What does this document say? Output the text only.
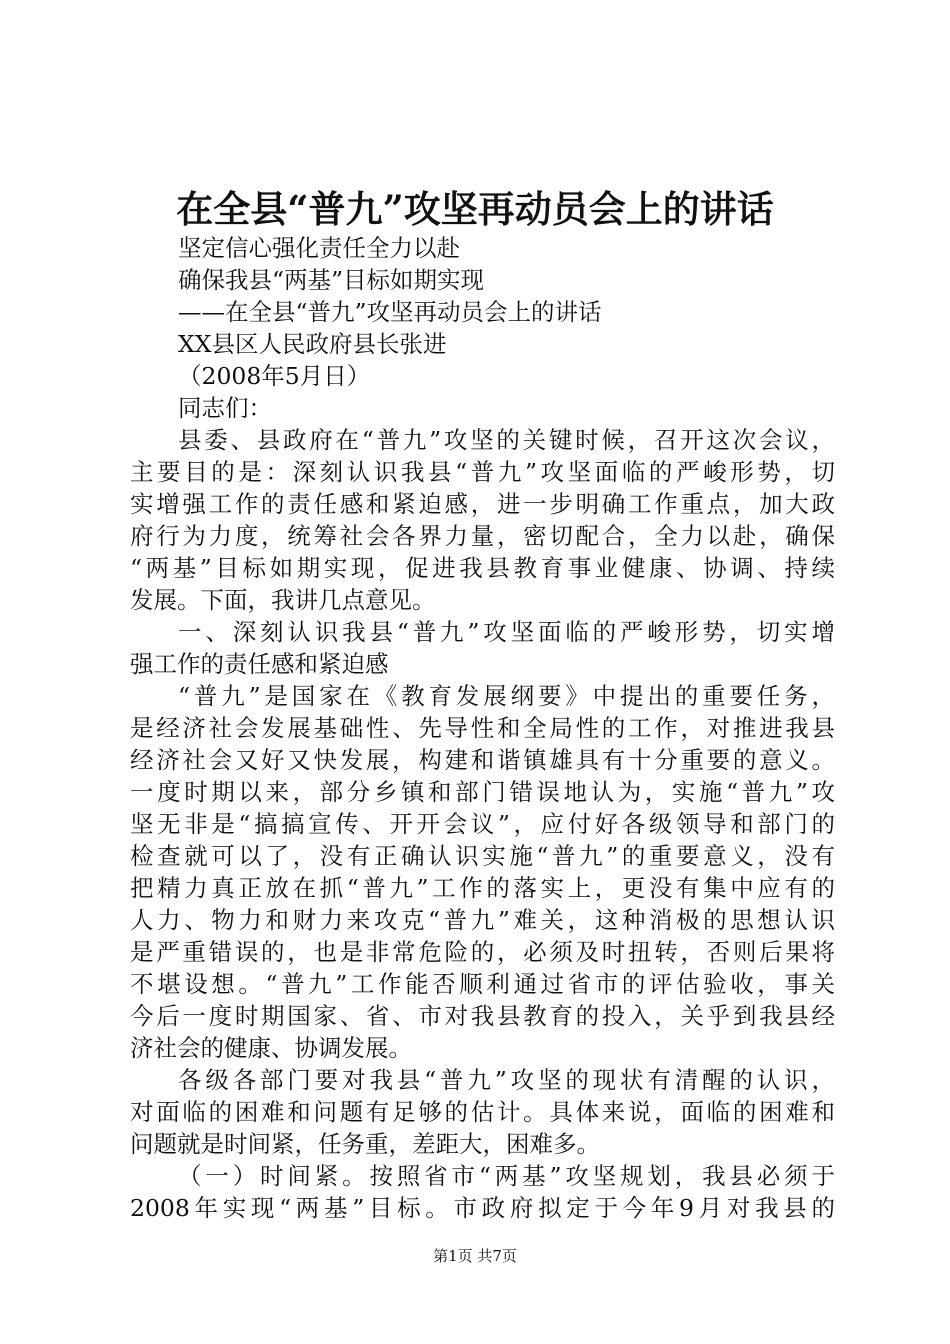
在全县“普九”攻坚再动员会上的讲话
坚定信心强化责任全力以赴
确保我县“两基”目标如期实现
——在全县“普九”攻坚再动员会上的讲话
XX县区人民政府县长张进
（2008年5月日）
同志们：
县委、县政府在“普九”攻坚的关键时候，召开这次会议，
主要目的是：深刻认识我县“普九”攻坚面临的严峻形势，切
实增强工作的责任感和紧迫感，进一步明确工作重点，加大政
府行为力度，统筹社会各界力量，密切配合，全力以赴，确保
“两基”目标如期实现，促进我县教育事业健康、协调、持续
发展。下面，我讲几点意见。
一、深刻认识我县“普九”攻坚面临的严峻形势，切实增
强工作的责任感和紧迫感
“普九”是国家在《教育发展纲要》中提出的重要任务，
是经济社会发展基础性、先导性和全局性的工作，对推进我县
经济社会又好又快发展，构建和谐镇雄具有十分重要的意义。
一度时期以来，部分乡镇和部门错误地认为，实施“普九”攻
坚无非是“搞搞宣传、开开会议”，应付好各级领导和部门的
检查就可以了，没有正确认识实施“普九”的重要意义，没有
把精力真正放在抓“普九”工作的落实上，更没有集中应有的
人力、物力和财力来攻克“普九”难关，这种消极的思想认识
是严重错误的，也是非常危险的，必须及时扭转，否则后果将
不堪设想。“普九”工作能否顺利通过省市的评估验收，事关
今后一度时期国家、省、市对我县教育的投入，关乎到我县经
济社会的健康、协调发展。
各级各部门要对我县“普九”攻坚的现状有清醒的认识，
对面临的困难和问题有足够的估计。具体来说，面临的困难和
问题就是时间紧，任务重，差距大，困难多。
（一）时间紧。按照省市“两基”攻坚规划，我县必须于
2008年实现“两基”目标。市政府拟定于今年9月对我县的
第1页 共7页
